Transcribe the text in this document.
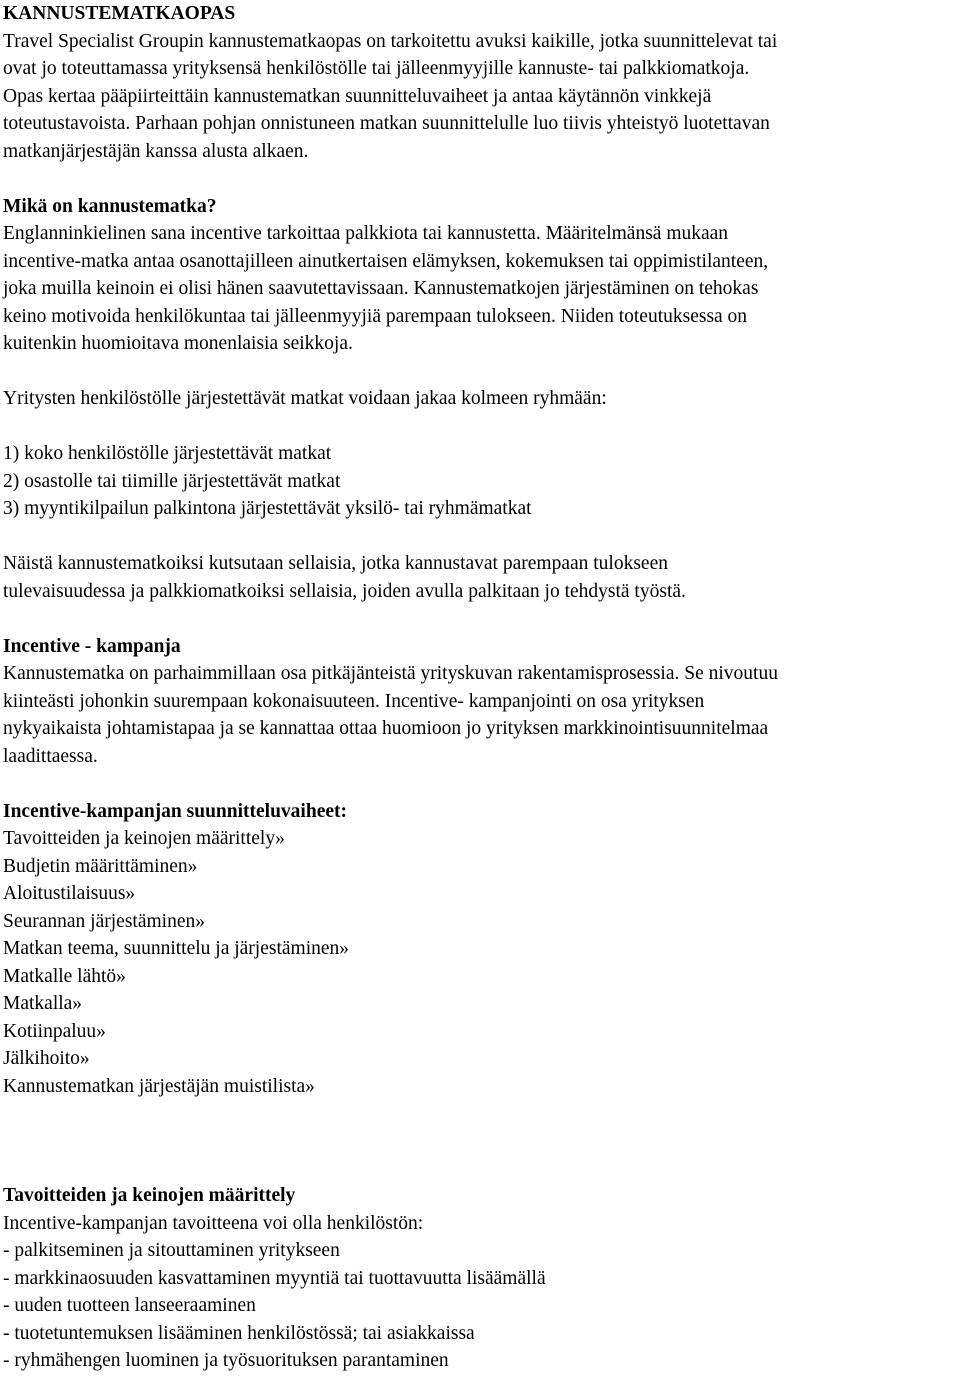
KANNUSTEMATKAOPAS
Travel Specialist Groupin kannustematkaopas on tarkoitettu avuksi kaikille, jotka suunnittelevat tai
ovat jo toteuttamassa yrityksensä henkilöstölle tai jälleenmyyjille kannuste- tai palkkiomatkoja.
Opas kertaa pääpiirteittäin kannustematkan suunnitteluvaiheet ja antaa käytännön vinkkejä
toteutustavoista. Parhaan pohjan onnistuneen matkan suunnittelulle luo tiivis yhteistyö luotettavan
matkanjärjestäjän kanssa alusta alkaen.
Mikä on kannustematka?
Englanninkielinen sana incentive tarkoittaa palkkiota tai kannustetta. Määritelmänsä mukaan
incentive-matka antaa osanottajilleen ainutkertaisen elämyksen, kokemuksen tai oppimistilanteen,
joka muilla keinoin ei olisi hänen saavutettavissaan. Kannustematkojen järjestäminen on tehokas
keino motivoida henkilökuntaa tai jälleenmyyjiä parempaan tulokseen. Niiden toteutuksessa on
kuitenkin huomioitava monenlaisia seikkoja.
Yritysten henkilöstölle järjestettävät matkat voidaan jakaa kolmeen ryhmään:
1) koko henkilöstölle järjestettävät matkat
2) osastolle tai tiimille järjestettävät matkat
3) myyntikilpailun palkintona järjestettävät yksilö- tai ryhmämatkat
Näistä kannustematkoiksi kutsutaan sellaisia, jotka kannustavat parempaan tulokseen
tulevaisuudessa ja palkkiomatkoiksi sellaisia, joiden avulla palkitaan jo tehdystä työstä.
Incentive - kampanja
Kannustematka on parhaimmillaan osa pitkäjänteistä yrityskuvan rakentamisprosessia. Se nivoutuu
kiinteästi johonkin suurempaan kokonaisuuteen. Incentive- kampanjointi on osa yrityksen
nykyaikaista johtamistapaa ja se kannattaa ottaa huomioon jo yrityksen markkinointisuunnitelmaa
laadittaessa.
Incentive-kampanjan suunnitteluvaiheet:
Tavoitteiden ja keinojen määrittely»
Budjetin määrittäminen»
Aloitustilaisuus»
Seurannan järjestäminen»
Matkan teema, suunnittelu ja järjestäminen»
Matkalle lähtö»
Matkalla»
Kotiinpaluu»
Jälkihoito»
Kannustematkan järjestäjän muistilista»
Tavoitteiden ja keinojen määrittely
Incentive-kampanjan tavoitteena voi olla henkilöstön:
- palkitseminen ja sitouttaminen yritykseen
- markkinaosuuden kasvattaminen myyntiä tai tuottavuutta lisäämällä
- uuden tuotteen lanseeraaminen
- tuotetuntemuksen lisääminen henkilöstössä; tai asiakkaissa
- ryhmähengen luominen ja työsuorituksen parantaminen
